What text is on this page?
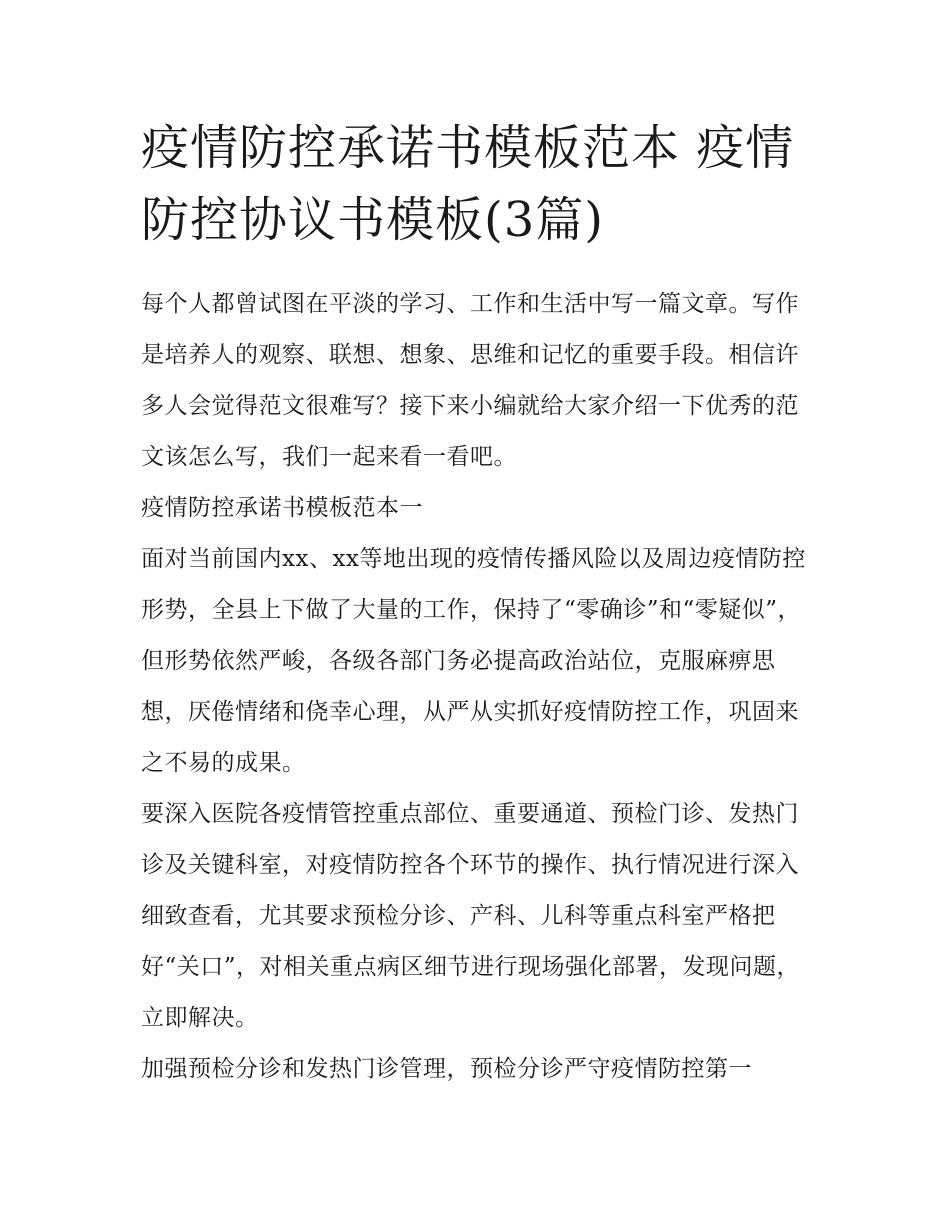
疫情防控承诺书模板范本 疫情防控协议书模板(3篇)

每个人都曾试图在平淡的学习、工作和生活中写一篇文章。写作是培养人的观察、联想、想象、思维和记忆的重要手段。相信许多人会觉得范文很难写？接下来小编就给大家介绍一下优秀的范文该怎么写，我们一起来看一看吧。

疫情防控承诺书模板范本一

面对当前国内xx、xx等地出现的疫情传播风险以及周边疫情防控形势，全县上下做了大量的工作，保持了“零确诊”和“零疑似”，但形势依然严峻，各级各部门务必提高政治站位，克服麻痹思想，厌倦情绪和侥幸心理，从严从实抓好疫情防控工作，巩固来之不易的成果。

要深入医院各疫情管控重点部位、重要通道、预检门诊、发热门诊及关键科室，对疫情防控各个环节的操作、执行情况进行深入细致查看，尤其要求预检分诊、产科、儿科等重点科室严格把好“关口”，对相关重点病区细节进行现场强化部署，发现问题，立即解决。

加强预检分诊和发热门诊管理，预检分诊严守疫情防控第一
